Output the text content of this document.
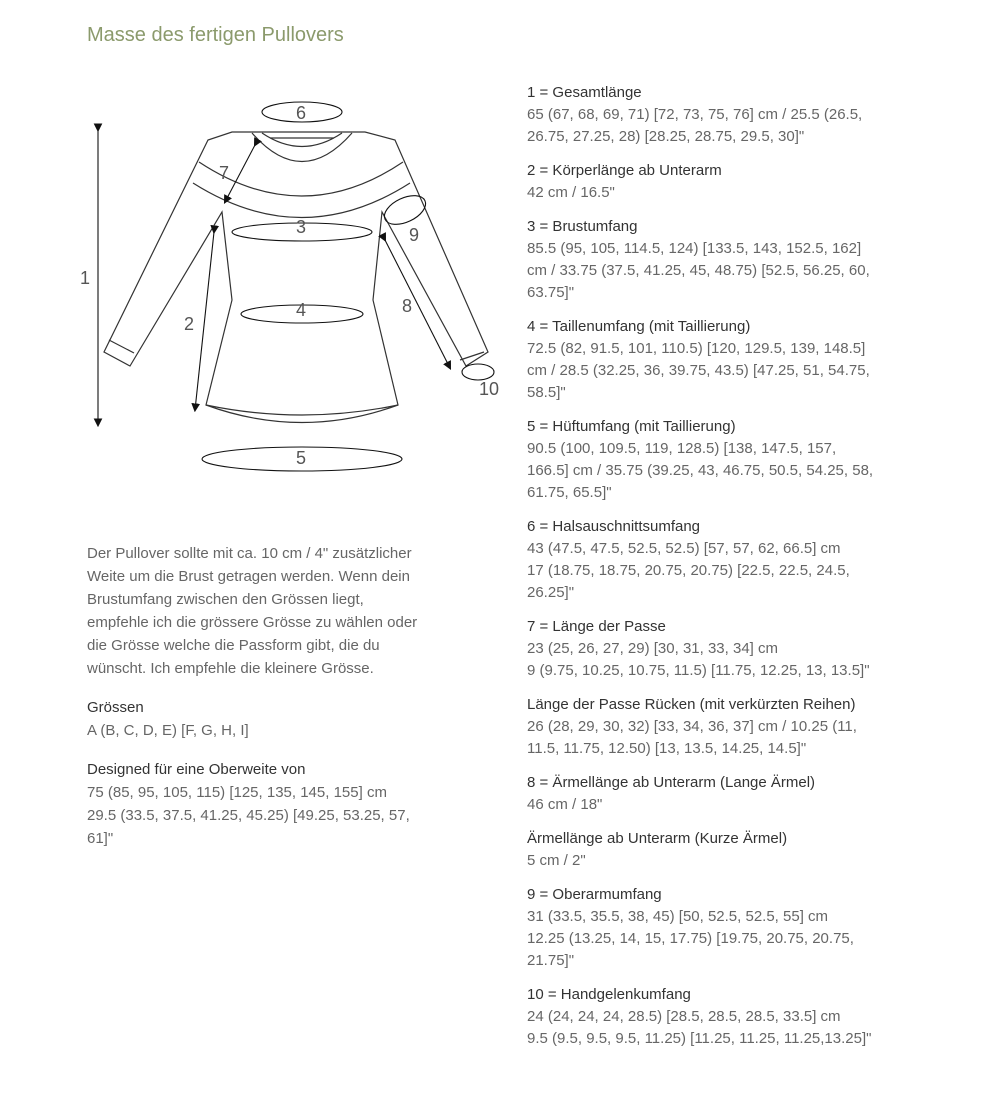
Masse des fertigen Pullovers
1
2
3
4
5
6
7
8
9
10
Der Pullover sollte mit ca. 10 cm / 4" zusätzlicher
Weite um die Brust getragen werden. Wenn dein
Brustumfang zwischen den Grössen liegt,
empfehle ich die grössere Grösse zu wählen oder
die Grösse welche die Passform gibt, die du
wünscht. Ich empfehle die kleinere Grösse.
Grössen
A (B, C, D, E) [F, G, H, I]
Designed für eine Oberweite von
75 (85, 95, 105, 115) [125, 135, 145, 155] cm
29.5 (33.5, 37.5, 41.25, 45.25) [49.25, 53.25, 57,
61]"
1 = Gesamtlänge
65 (67, 68, 69, 71) [72, 73, 75, 76] cm / 25.5 (26.5,
26.75, 27.25, 28) [28.25, 28.75, 29.5, 30]"
2 = Körperlänge ab Unterarm
42 cm / 16.5"
3 = Brustumfang
85.5 (95, 105, 114.5, 124) [133.5, 143, 152.5, 162]
cm / 33.75 (37.5, 41.25, 45, 48.75) [52.5, 56.25, 60,
63.75]"
4 = Taillenumfang (mit Taillierung)
72.5 (82, 91.5, 101, 110.5) [120, 129.5, 139, 148.5]
cm / 28.5 (32.25, 36, 39.75, 43.5) [47.25, 51, 54.75,
58.5]"
5 = Hüftumfang (mit Taillierung)
90.5 (100, 109.5, 119, 128.5) [138, 147.5, 157,
166.5] cm / 35.75 (39.25, 43, 46.75, 50.5, 54.25, 58,
61.75, 65.5]"
6 = Halsauschnittsumfang
43 (47.5, 47.5, 52.5, 52.5) [57, 57, 62, 66.5] cm
17 (18.75, 18.75, 20.75, 20.75) [22.5, 22.5, 24.5,
26.25]"
7 = Länge der Passe
23 (25, 26, 27, 29) [30, 31, 33, 34] cm
9 (9.75, 10.25, 10.75, 11.5) [11.75, 12.25, 13, 13.5]"
Länge der Passe Rücken (mit verkürzten Reihen)
26 (28, 29, 30, 32) [33, 34, 36, 37] cm / 10.25 (11,
11.5, 11.75, 12.50) [13, 13.5, 14.25, 14.5]"
8 = Ärmellänge ab Unterarm (Lange Ärmel)
46 cm / 18"
Ärmellänge ab Unterarm (Kurze Ärmel)
5 cm / 2"
9 = Oberarmumfang
31 (33.5, 35.5, 38, 45) [50, 52.5, 52.5, 55] cm
12.25 (13.25, 14, 15, 17.75) [19.75, 20.75, 20.75,
21.75]"
10 = Handgelenkumfang
24 (24, 24, 24, 28.5) [28.5, 28.5, 28.5, 33.5] cm
9.5 (9.5, 9.5, 9.5, 11.25) [11.25, 11.25, 11.25,13.25]"
